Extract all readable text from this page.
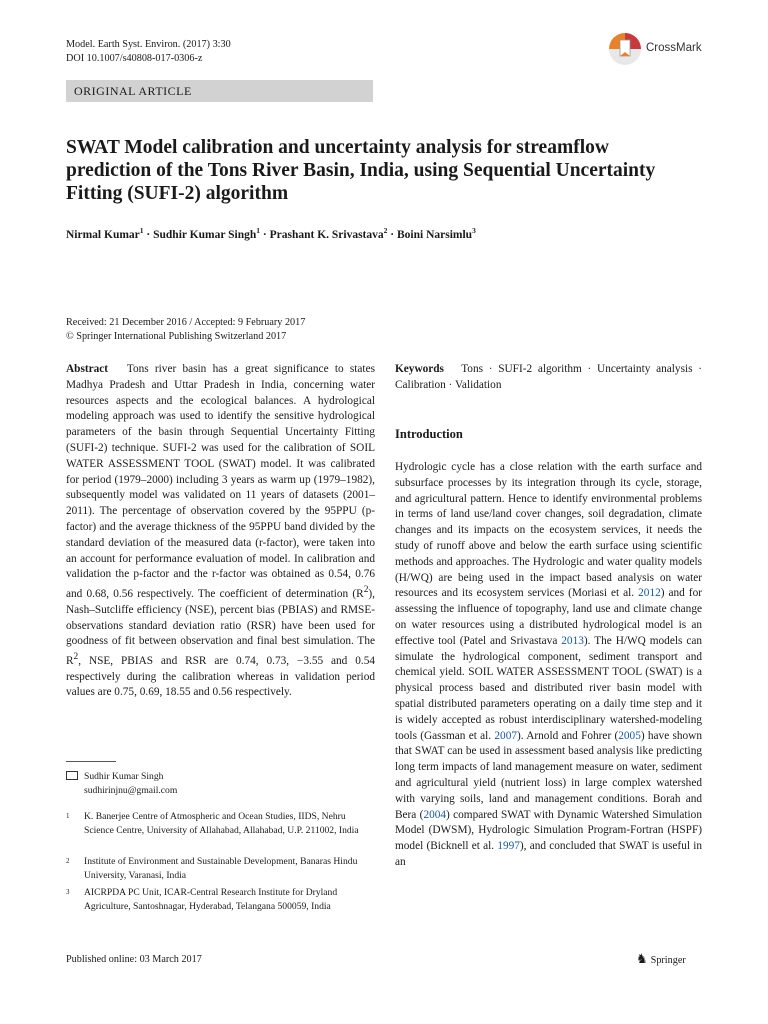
Model. Earth Syst. Environ. (2017) 3:30
DOI 10.1007/s40808-017-0306-z
CrossMark
ORIGINAL ARTICLE
SWAT Model calibration and uncertainty analysis for streamflow prediction of the Tons River Basin, India, using Sequential Uncertainty Fitting (SUFI-2) algorithm
Nirmal Kumar$^1$ · Sudhir Kumar Singh$^1$ · Prashant K. Srivastava$^2$ · Boini Narsimlu$^3$
Received: 21 December 2016 / Accepted: 9 February 2017
© Springer International Publishing Switzerland 2017
Abstract Tons river basin has a great significance to states Madhya Pradesh and Uttar Pradesh in India, concerning water resources aspects and the ecological balances. A hydrological modeling approach was used to identify the sensitive hydrological parameters of the basin through Sequential Uncertainty Fitting (SUFI-2) technique. SUFI-2 was used for the calibration of SOIL WATER ASSESSMENT TOOL (SWAT) model. It was calibrated for period (1979–2000) including 3 years as warm up (1979–1982), subsequently model was validated on 11 years of datasets (2001–2011). The percentage of observation covered by the 95PPU (p-factor) and the average thickness of the 95PPU band divided by the standard deviation of the measured data (r-factor), were taken into an account for performance evaluation of model. In calibration and validation the p-factor and the r-factor was obtained as 0.54, 0.76 and 0.68, 0.56 respectively. The coefficient of determination $(R^2)$, Nash–Sutcliffe efficiency (NSE), percent bias (PBIAS) and RMSE-observations standard deviation ratio (RSR) have been used for goodness of fit between observation and final best simulation. The $R^2$, NSE, PBIAS and RSR are 0.74, 0.73, −3.55 and 0.54 respectively during the calibration whereas in validation period values are 0.75, 0.69, 18.55 and 0.56 respectively.
Sudhir Kumar Singh
sudhirinjnu@gmail.com
1 K. Banerjee Centre of Atmospheric and Ocean Studies, IIDS, Nehru Science Centre, University of Allahabad, Allahabad, U.P. 211002, India
2 Institute of Environment and Sustainable Development, Banaras Hindu University, Varanasi, India
3 AICRPDA PC Unit, ICAR-Central Research Institute for Dryland Agriculture, Santoshnagar, Hyderabad, Telangana 500059, India
Keywords Tons · SUFI-2 algorithm · Uncertainty analysis · Calibration · Validation
Introduction
Hydrologic cycle has a close relation with the earth surface and subsurface processes by its integration through its cycle, storage, and agricultural pattern. Hence to identify environmental problems in terms of land use/land cover changes, soil degradation, climate changes and its impacts on the ecosystem services, it needs the study of runoff above and below the earth surface using scientific methods and approaches. The Hydrologic and water quality models (H/WQ) are being used in the impact based analysis on water resources and its ecosystem services (Moriasi et al. 2012) and for assessing the influence of topography, land use and climate change on water resources using a distributed hydrological model is an effective tool (Patel and Srivastava 2013). The H/WQ models can simulate the hydrological component, sediment transport and chemical yield. SOIL WATER ASSESSMENT TOOL (SWAT) is a physical process based and distributed river basin model with spatial distributed parameters operating on a daily time step and it is widely accepted as robust interdisciplinary watershed-modeling tools (Gassman et al. 2007). Arnold and Fohrer (2005) have shown that SWAT can be used in assessment based analysis like predicting long term impacts of land management measure on water, sediment and agricultural yield (nutrient loss) in large complex watershed with varying soils, land and management conditions. Borah and Bera (2004) compared SWAT with Dynamic Watershed Simulation Model (DWSM), Hydrologic Simulation Program-Fortran (HSPF) model (Bicknell et al. 1997), and concluded that SWAT is useful in an
Published online: 03 March 2017	♞ Springer
